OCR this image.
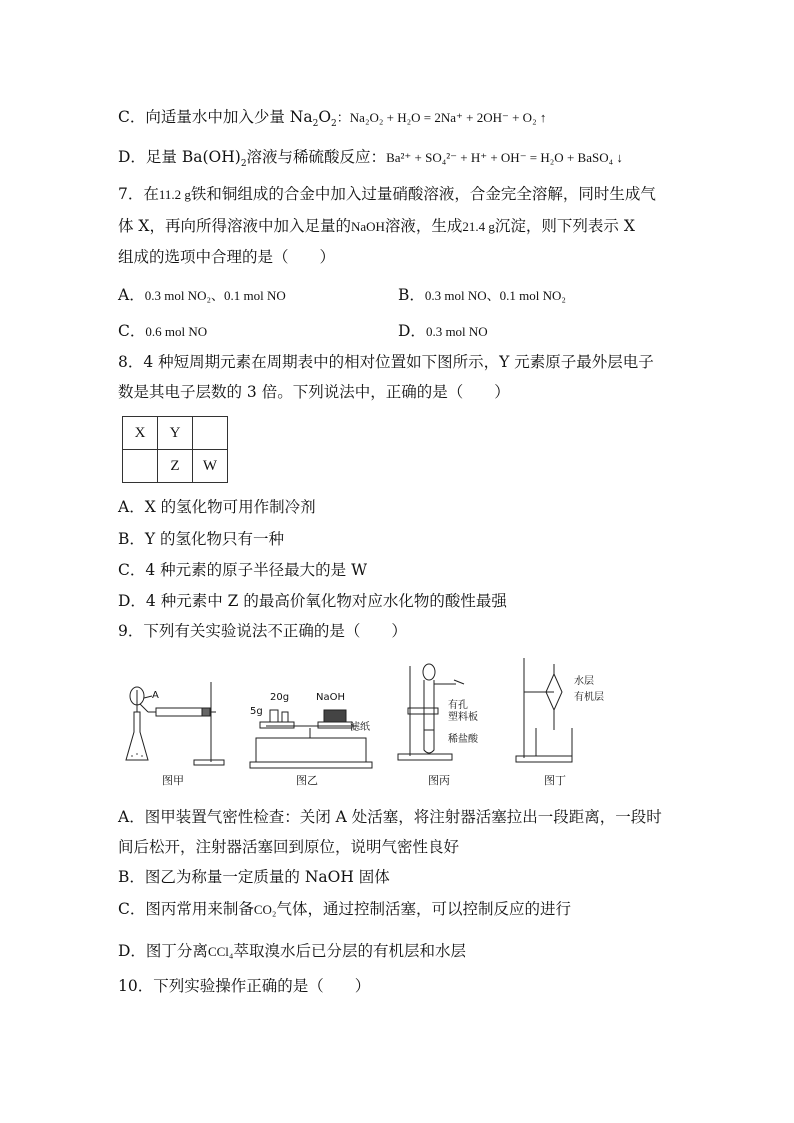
C．向适量水中加入少量 $Na_2O_2$：Na₂O₂ + H₂O = 2Na⁺ + 2OH⁻ + O₂ ↑
D．足量 $Ba(OH)_2$溶液与稀硫酸反应：Ba²⁺ + SO₄²⁻ + H⁺ + OH⁻ = H₂O + BaSO₄ ↓
7．在11.2 g铁和铜组成的合金中加入过量硝酸溶液，合金完全溶解，同时生成气
体 X，再向所得溶液中加入足量的NaOH溶液，生成21.4 g沉淀，则下列表示 X
组成的选项中合理的是（　　）
A．0.3 mol NO₂、0.1 mol NO	B．0.3 mol NO、0.1 mol NO₂
C．0.6 mol NO	D．0.3 mol NO
8．4 种短周期元素在周期表中的相对位置如下图所示，Y 元素原子最外层电子
数是其电子层数的 3 倍。下列说法中，正确的是（　　）
X	Y	
	Z	W
A．X 的氢化物可用作制冷剂
B．Y 的氢化物只有一种
C．4 种元素的原子半径最大的是 W
D．4 种元素中 Z 的最高价氧化物对应水化物的酸性最强
9．下列有关实验说法不正确的是（　　）
A
图甲
20g
5g
NaOH
滤纸
图乙
有孔
塑料板
稀盐酸
图丙
水层
有机层
图丁
A．图甲装置气密性检查：关闭 A 处活塞，将注射器活塞拉出一段距离，一段时
间后松开，注射器活塞回到原位，说明气密性良好
B．图乙为称量一定质量的 NaOH 固体
C．图丙常用来制备CO₂气体，通过控制活塞，可以控制反应的进行
D．图丁分离CCl₄萃取溴水后已分层的有机层和水层
10．下列实验操作正确的是（　　）
